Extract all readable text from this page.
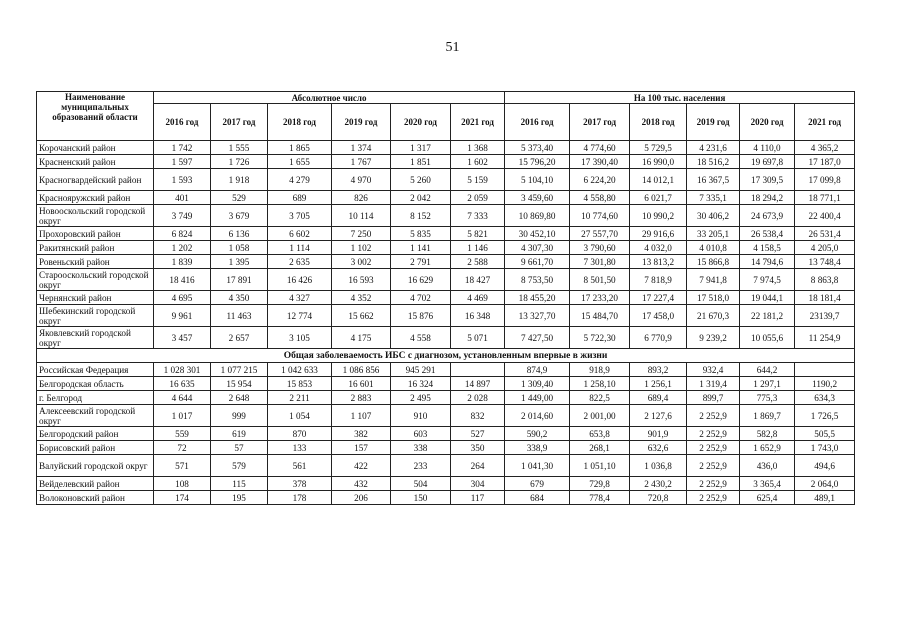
51
Наименование муниципальных образований области	Абсолютное число						На 100 тыс. населения					
	2016 год	2017 год	2018 год	2019 год	2020 год	2021 год	2016 год	2017 год	2018 год	2019 год	2020 год	2021 год
Корочанский район	1 742	1 555	1 865	1 374	1 317	1 368	5 373,40	4 774,60	5 729,5	4 231,6	4 110,0	4 365,2
Красненский район	1 597	1 726	1 655	1 767	1 851	1 602	15 796,20	17 390,40	16 990,0	18 516,2	19 697,8	17 187,0
Красногвардейский район	1 593	1 918	4 279	4 970	5 260	5 159	5 104,10	6 224,20	14 012,1	16 367,5	17 309,5	17 099,8
Краснояружский район	401	529	689	826	2 042	2 059	3 459,60	4 558,80	6 021,7	7 335,1	18 294,2	18 771,1
Новооскольский городской округ	3 749	3 679	3 705	10 114	8 152	7 333	10 869,80	10 774,60	10 990,2	30 406,2	24 673,9	22 400,4
Прохоровский район	6 824	6 136	6 602	7 250	5 835	5 821	30 452,10	27 557,70	29 916,6	33 205,1	26 538,4	26 531,4
Ракитянский район	1 202	1 058	1 114	1 102	1 141	1 146	4 307,30	3 790,60	4 032,0	4 010,8	4 158,5	4 205,0
Ровеньский район	1 839	1 395	2 635	3 002	2 791	2 588	9 661,70	7 301,80	13 813,2	15 866,8	14 794,6	13 748,4
Старооскольский городской округ	18 416	17 891	16 426	16 593	16 629	18 427	8 753,50	8 501,50	7 818,9	7 941,8	7 974,5	8 863,8
Чернянский район	4 695	4 350	4 327	4 352	4 702	4 469	18 455,20	17 233,20	17 227,4	17 518,0	19 044,1	18 181,4
Шебекинский городской округ	9 961	11 463	12 774	15 662	15 876	16 348	13 327,70	15 484,70	17 458,0	21 670,3	22 181,2	23139,7
Яковлевский городской округ	3 457	2 657	3 105	4 175	4 558	5 071	7 427,50	5 722,30	6 770,9	9 239,2	10 055,6	11 254,9
Общая заболеваемость ИБС с диагнозом, установленным впервые в жизни												
Российская Федерация	1 028 301	1 077 215	1 042 633	1 086 856	945 291		874,9	918,9	893,2	932,4	644,2	
Белгородская область	16 635	15 954	15 853	16 601	16 324	14 897	1 309,40	1 258,10	1 256,1	1 319,4	1 297,1	1190,2
г. Белгород	4 644	2 648	2 211	2 883	2 495	2 028	1 449,00	822,5	689,4	899,7	775,3	634,3
Алексеевский городской округ	1 017	999	1 054	1 107	910	832	2 014,60	2 001,00	2 127,6	2 252,9	1 869,7	1 726,5
Белгородский район	559	619	870	382	603	527	590,2	653,8	901,9	2 252,9	582,8	505,5
Борисовский район	72	57	133	157	338	350	338,9	268,1	632,6	2 252,9	1 652,9	1 743,0
Валуйский городской округ	571	579	561	422	233	264	1 041,30	1 051,10	1 036,8	2 252,9	436,0	494,6
Вейделевский район	108	115	378	432	504	304	679	729,8	2 430,2	2 252,9	3 365,4	2 064,0
Волоконовский район	174	195	178	206	150	117	684	778,4	720,8	2 252,9	625,4	489,1
